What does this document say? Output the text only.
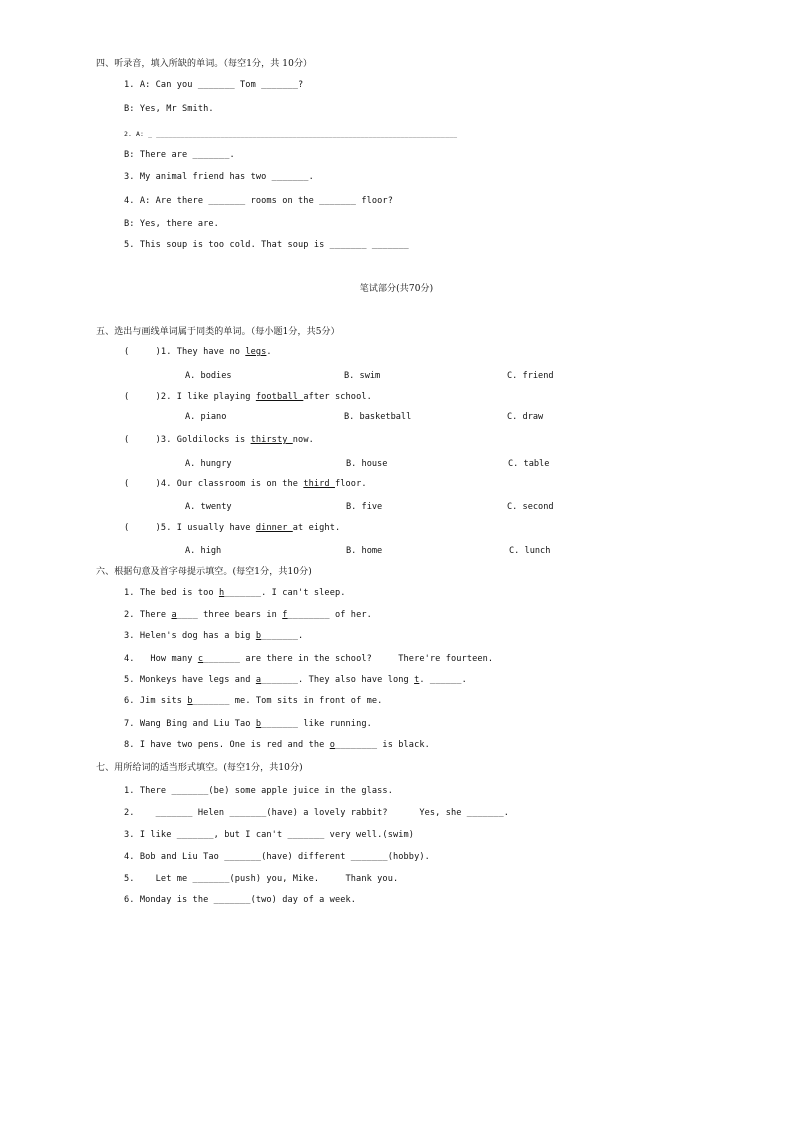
四、听录音，填入所缺的单词。（每空1分，共 10分）
1. A: Can you _______ Tom _______?
B: Yes, Mr Smith.
2. A: _ ___________________________________________________________________________
B: There are _______.
3. My animal friend has two _______.
4. A: Are there _______ rooms on the _______ floor?
B: Yes, there are.
5. This soup is too cold. That soup is _______ _______
笔试部分(共70分)
五、选出与画线单词属于同类的单词。（每小题1分，共5分）
(     )1. They have no legs.
A. bodies	B. swim	C. friend
(     )2. I like playing football after school.
A. piano	B. basketball	C. draw
(     )3. Goldilocks is thirsty now.
A. hungry	B. house	C. table
(     )4. Our classroom is on the third floor.
A. twenty	B. five	C. second
(     )5. I usually have dinner at eight.
A. high	B. home	C. lunch
六、根据句意及首字母提示填空。(每空1分，共10分)
1. The bed is too h_______. I can't sleep.
2. There a____ three bears in f________ of her.
3. Helen's dog has a big b_______.
4.   How many c_______ are there in the school?     There're fourteen.
5. Monkeys have legs and a_______. They also have long t. ______.
6. Jim sits b_______ me. Tom sits in front of me.
7. Wang Bing and Liu Tao b_______ like running.
8. I have two pens. One is red and the o________ is black.
七、用所给词的适当形式填空。(每空1分，共10分)
1. There _______(be) some apple juice in the glass.
2.    _______ Helen _______(have) a lovely rabbit?      Yes, she _______.
3. I like _______, but I can't _______ very well.(swim)
4. Bob and Liu Tao _______(have) different _______(hobby).
5.    Let me _______(push) you, Mike.     Thank you.
6. Monday is the _______(two) day of a week.
